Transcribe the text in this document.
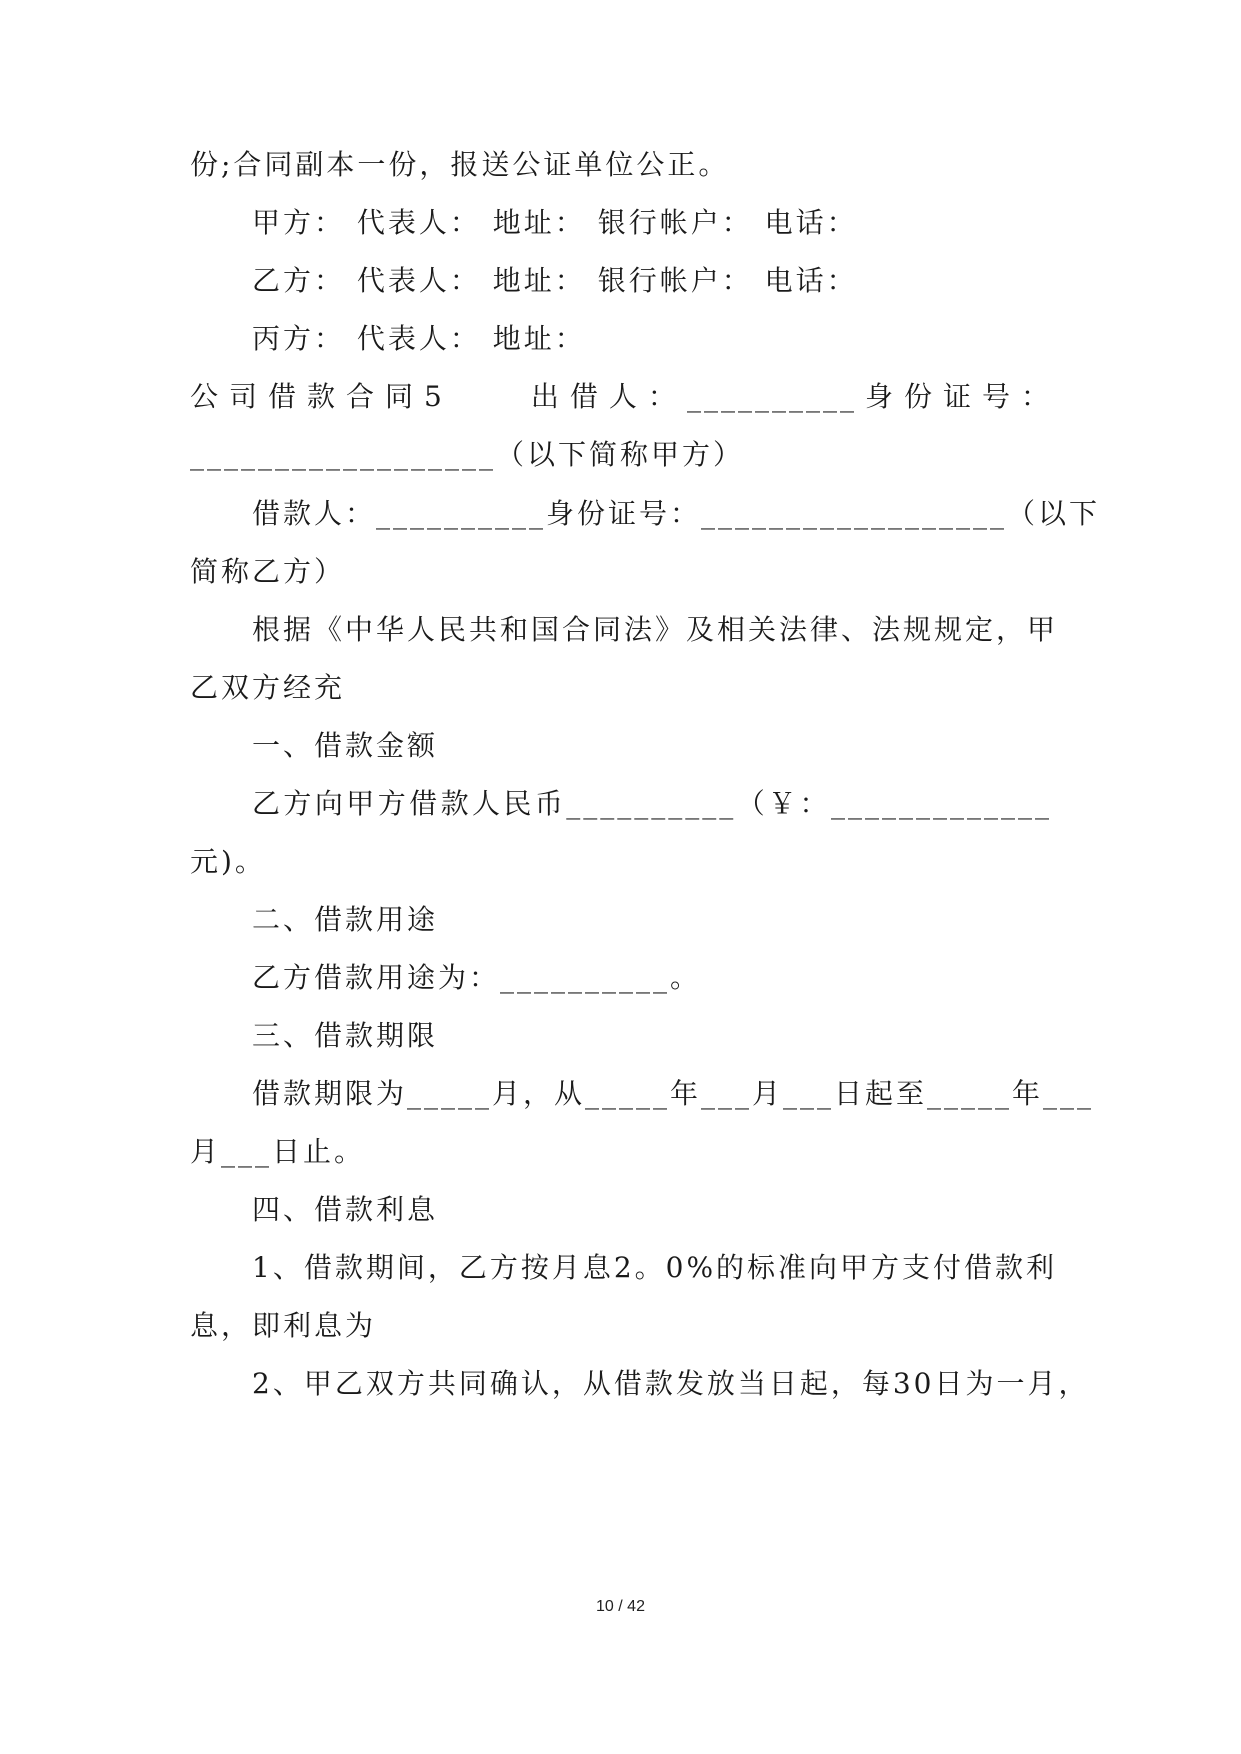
份;合同副本一份，报送公证单位公正。
甲方： 代表人： 地址： 银行帐户： 电话：
乙方： 代表人： 地址： 银行帐户： 电话：
丙方： 代表人： 地址：
公司借款合同5　　出借人：__________身份证号：
__________________（以下简称甲方）
借款人：__________身份证号：__________________（以下
简称乙方）
根据《中华人民共和国合同法》及相关法律、法规规定，甲
乙双方经充
一、借款金额
乙方向甲方借款人民币__________（￥：_____________
元)。
二、借款用途
乙方借款用途为：__________。
三、借款期限
借款期限为_____月，从_____年___月___日起至_____年___
月___日止。
四、借款利息
1、借款期间，乙方按月息2。0%的标准向甲方支付借款利
息，即利息为
2、甲乙双方共同确认，从借款发放当日起，每30日为一月，
10 / 42
